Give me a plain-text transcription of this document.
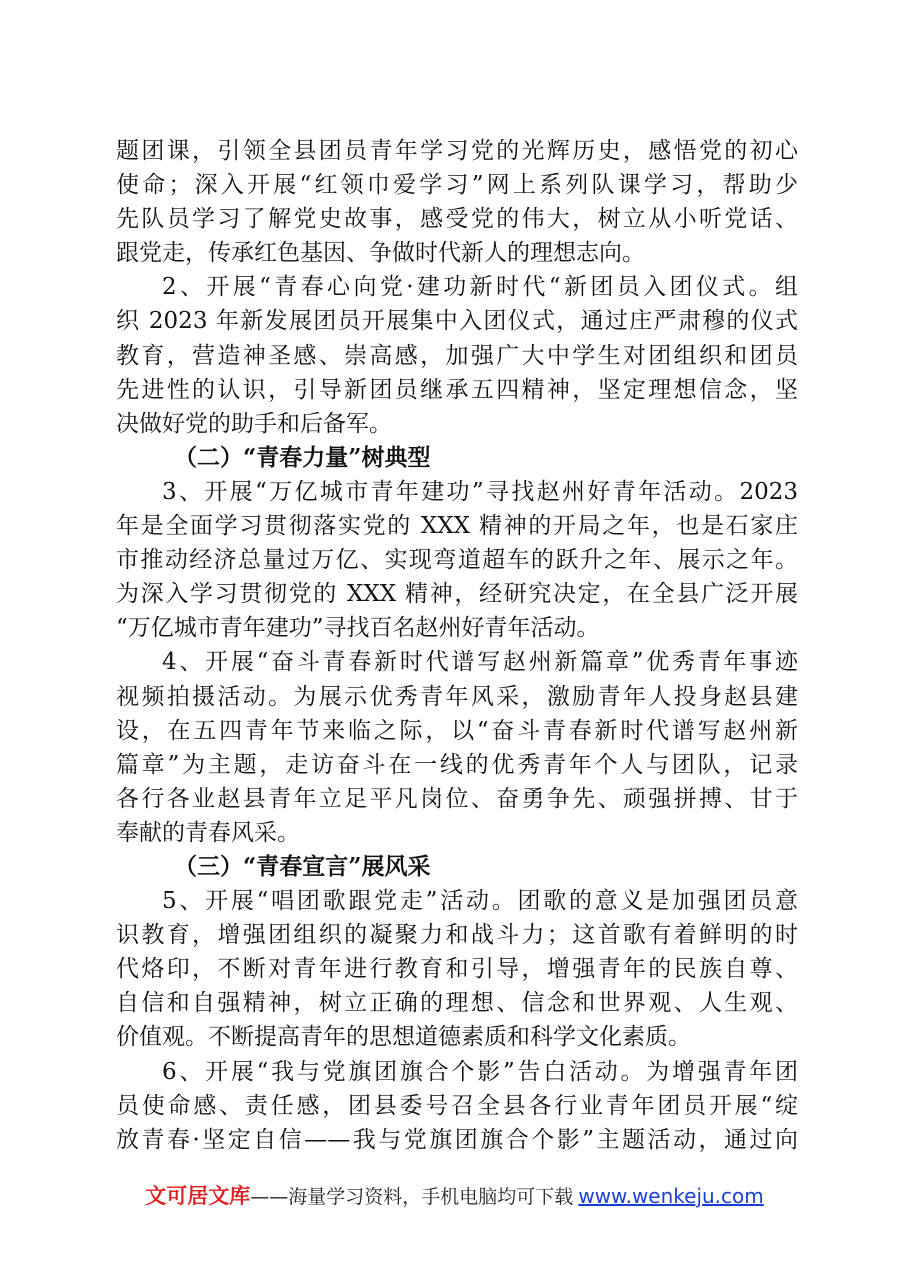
题团课，引领全县团员青年学习党的光辉历史，感悟党的初心
使命；深入开展“红领巾爱学习”网上系列队课学习，帮助少
先队员学习了解党史故事，感受党的伟大，树立从小听党话、
跟党走，传承红色基因、争做时代新人的理想志向。
2、开展“青春心向党·建功新时代“新团员入团仪式。组
织 2023 年新发展团员开展集中入团仪式，通过庄严肃穆的仪式
教育，营造神圣感、崇高感，加强广大中学生对团组织和团员
先进性的认识，引导新团员继承五四精神，坚定理想信念，坚
决做好党的助手和后备军。
（二）“青春力量”树典型
3、开展“万亿城市青年建功”寻找赵州好青年活动。2023
年是全面学习贯彻落实党的 XXX 精神的开局之年，也是石家庄
市推动经济总量过万亿、实现弯道超车的跃升之年、展示之年。
为深入学习贯彻党的 XXX 精神，经研究决定，在全县广泛开展
“万亿城市青年建功”寻找百名赵州好青年活动。
4、开展“奋斗青春新时代谱写赵州新篇章”优秀青年事迹
视频拍摄活动。为展示优秀青年风采，激励青年人投身赵县建
设，在五四青年节来临之际，以“奋斗青春新时代谱写赵州新
篇章”为主题，走访奋斗在一线的优秀青年个人与团队，记录
各行各业赵县青年立足平凡岗位、奋勇争先、顽强拼搏、甘于
奉献的青春风采。
（三）“青春宣言”展风采
5、开展“唱团歌跟党走”活动。团歌的意义是加强团员意
识教育，增强团组织的凝聚力和战斗力；这首歌有着鲜明的时
代烙印，不断对青年进行教育和引导，增强青年的民族自尊、
自信和自强精神，树立正确的理想、信念和世界观、人生观、
价值观。不断提高青年的思想道德素质和科学文化素质。
6、开展“我与党旗团旗合个影”告白活动。为增强青年团
员使命感、责任感，团县委号召全县各行业青年团员开展“绽
放青春·坚定自信——我与党旗团旗合个影”主题活动，通过向
文可居文库——海量学习资料，手机电脑均可下载 www.wenkeju.com
